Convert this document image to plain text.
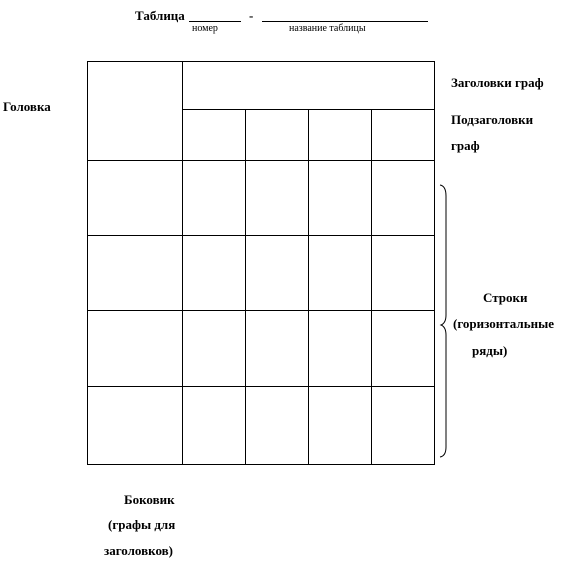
Таблица
номер
-
название таблицы
Головка
Заголовки граф
Подзаголовки
граф
Строки
(горизонтальные
ряды)
Боковик
(графы для
заголовков)
